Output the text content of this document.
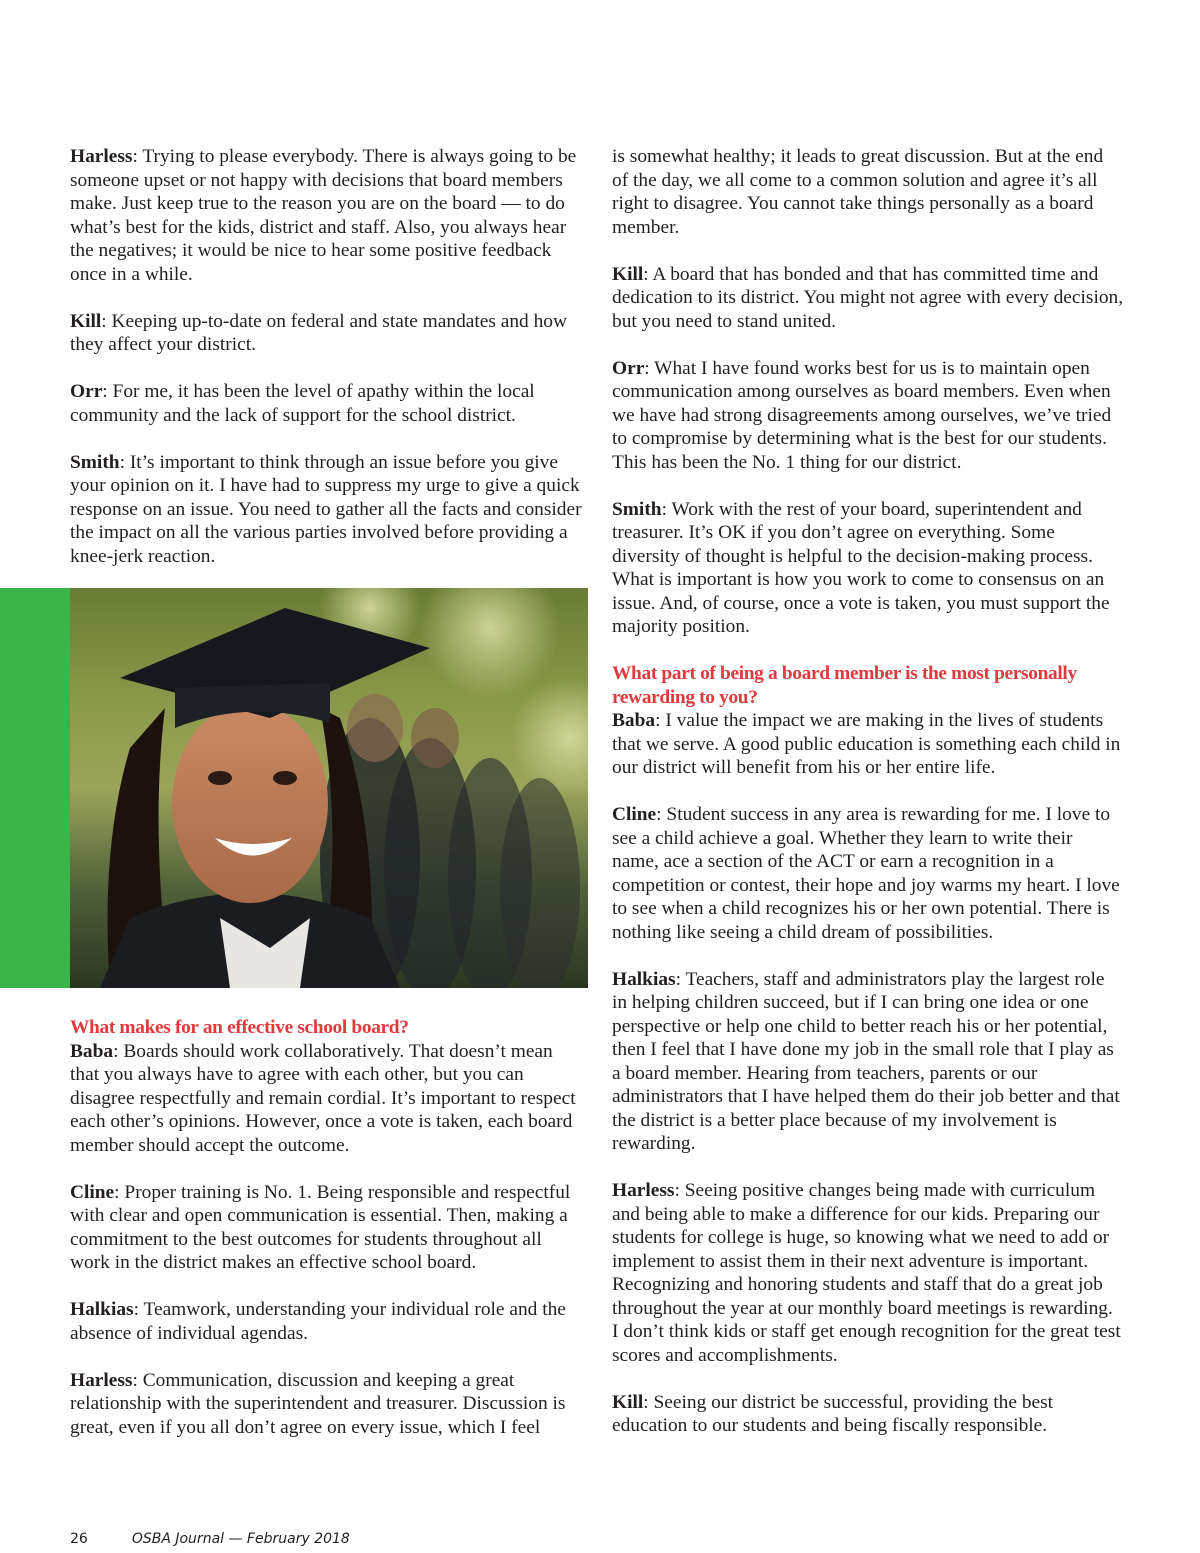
Harless: Trying to please everybody. There is always going to be someone upset or not happy with decisions that board members make. Just keep true to the reason you are on the board — to do what’s best for the kids, district and staff. Also, you always hear the negatives; it would be nice to hear some positive feedback once in a while.

Kill: Keeping up-to-date on federal and state mandates and how they affect your district.

Orr: For me, it has been the level of apathy within the local community and the lack of support for the school district.

Smith: It’s important to think through an issue before you give your opinion on it. I have had to suppress my urge to give a quick response on an issue. You need to gather all the facts and consider the impact on all the various parties involved before providing a knee-jerk reaction.

What makes for an effective school board?

Baba: Boards should work collaboratively. That doesn’t mean that you always have to agree with each other, but you can disagree respectfully and remain cordial. It’s important to respect each other’s opinions. However, once a vote is taken, each board member should accept the outcome.

Cline: Proper training is No. 1. Being responsible and respectful with clear and open communication is essential. Then, making a commitment to the best outcomes for students throughout all work in the district makes an effective school board.

Halkias: Teamwork, understanding your individual role and the absence of individual agendas.

Harless: Communication, discussion and keeping a great relationship with the superintendent and treasurer. Discussion is great, even if you all don’t agree on every issue, which I feel

is somewhat healthy; it leads to great discussion. But at the end of the day, we all come to a common solution and agree it’s all right to disagree. You cannot take things personally as a board member.

Kill: A board that has bonded and that has committed time and dedication to its district. You might not agree with every decision, but you need to stand united.

Orr: What I have found works best for us is to maintain open communication among ourselves as board members. Even when we have had strong disagreements among ourselves, we’ve tried to compromise by determining what is the best for our students. This has been the No. 1 thing for our district.

Smith: Work with the rest of your board, superintendent and treasurer. It’s OK if you don’t agree on everything. Some diversity of thought is helpful to the decision-making process. What is important is how you work to come to consensus on an issue. And, of course, once a vote is taken, you must support the majority position.

What part of being a board member is the most personally rewarding to you?

Baba: I value the impact we are making in the lives of students that we serve. A good public education is something each child in our district will benefit from his or her entire life.

Cline: Student success in any area is rewarding for me. I love to see a child achieve a goal. Whether they learn to write their name, ace a section of the ACT or earn a recognition in a competition or contest, their hope and joy warms my heart. I love to see when a child recognizes his or her own potential. There is nothing like seeing a child dream of possibilities.

Halkias: Teachers, staff and administrators play the largest role in helping children succeed, but if I can bring one idea or one perspective or help one child to better reach his or her potential, then I feel that I have done my job in the small role that I play as a board member. Hearing from teachers, parents or our administrators that I have helped them do their job better and that the district is a better place because of my involvement is rewarding.

Harless: Seeing positive changes being made with curriculum and being able to make a difference for our kids. Preparing our students for college is huge, so knowing what we need to add or implement to assist them in their next adventure is important. Recognizing and honoring students and staff that do a great job throughout the year at our monthly board meetings is rewarding. I don’t think kids or staff get enough recognition for the great test scores and accomplishments.

Kill: Seeing our district be successful, providing the best education to our students and being fiscally responsible.

26	OSBA Journal — February 2018
